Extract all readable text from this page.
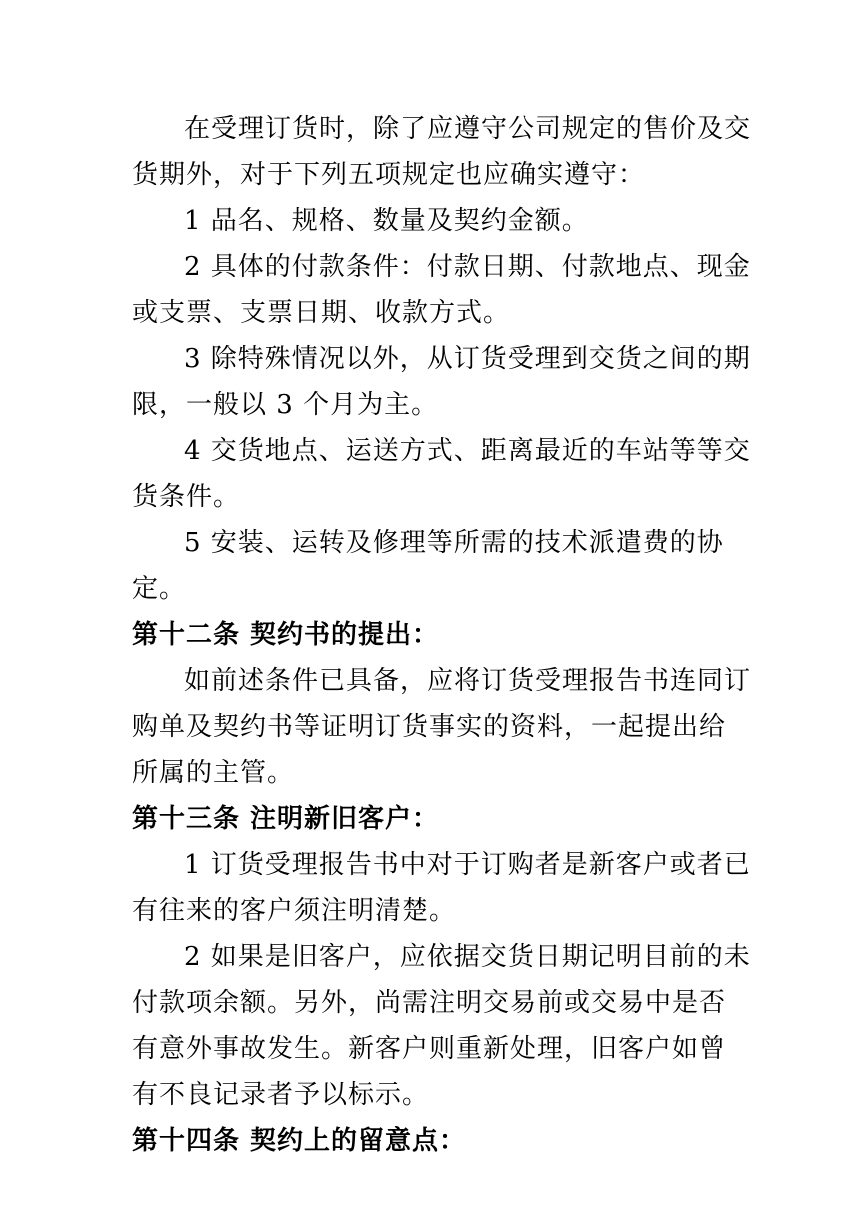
在受理订货时，除了应遵守公司规定的售价及交货期外，对于下列五项规定也应确实遵守：

1 品名、规格、数量及契约金额。

2 具体的付款条件：付款日期、付款地点、现金或支票、支票日期、收款方式。

3 除特殊情况以外，从订货受理到交货之间的期限，一般以 3 个月为主。

4 交货地点、运送方式、距离最近的车站等等交货条件。

5 安装、运转及修理等所需的技术派遣费的协定。

第十二条 契约书的提出：

如前述条件已具备，应将订货受理报告书连同订购单及契约书等证明订货事实的资料，一起提出给所属的主管。

第十三条 注明新旧客户：

1 订货受理报告书中对于订购者是新客户或者已有往来的客户须注明清楚。

2 如果是旧客户，应依据交货日期记明目前的未付款项余额。另外，尚需注明交易前或交易中是否有意外事故发生。新客户则重新处理，旧客户如曾有不良记录者予以标示。

第十四条 契约上的留意点：
